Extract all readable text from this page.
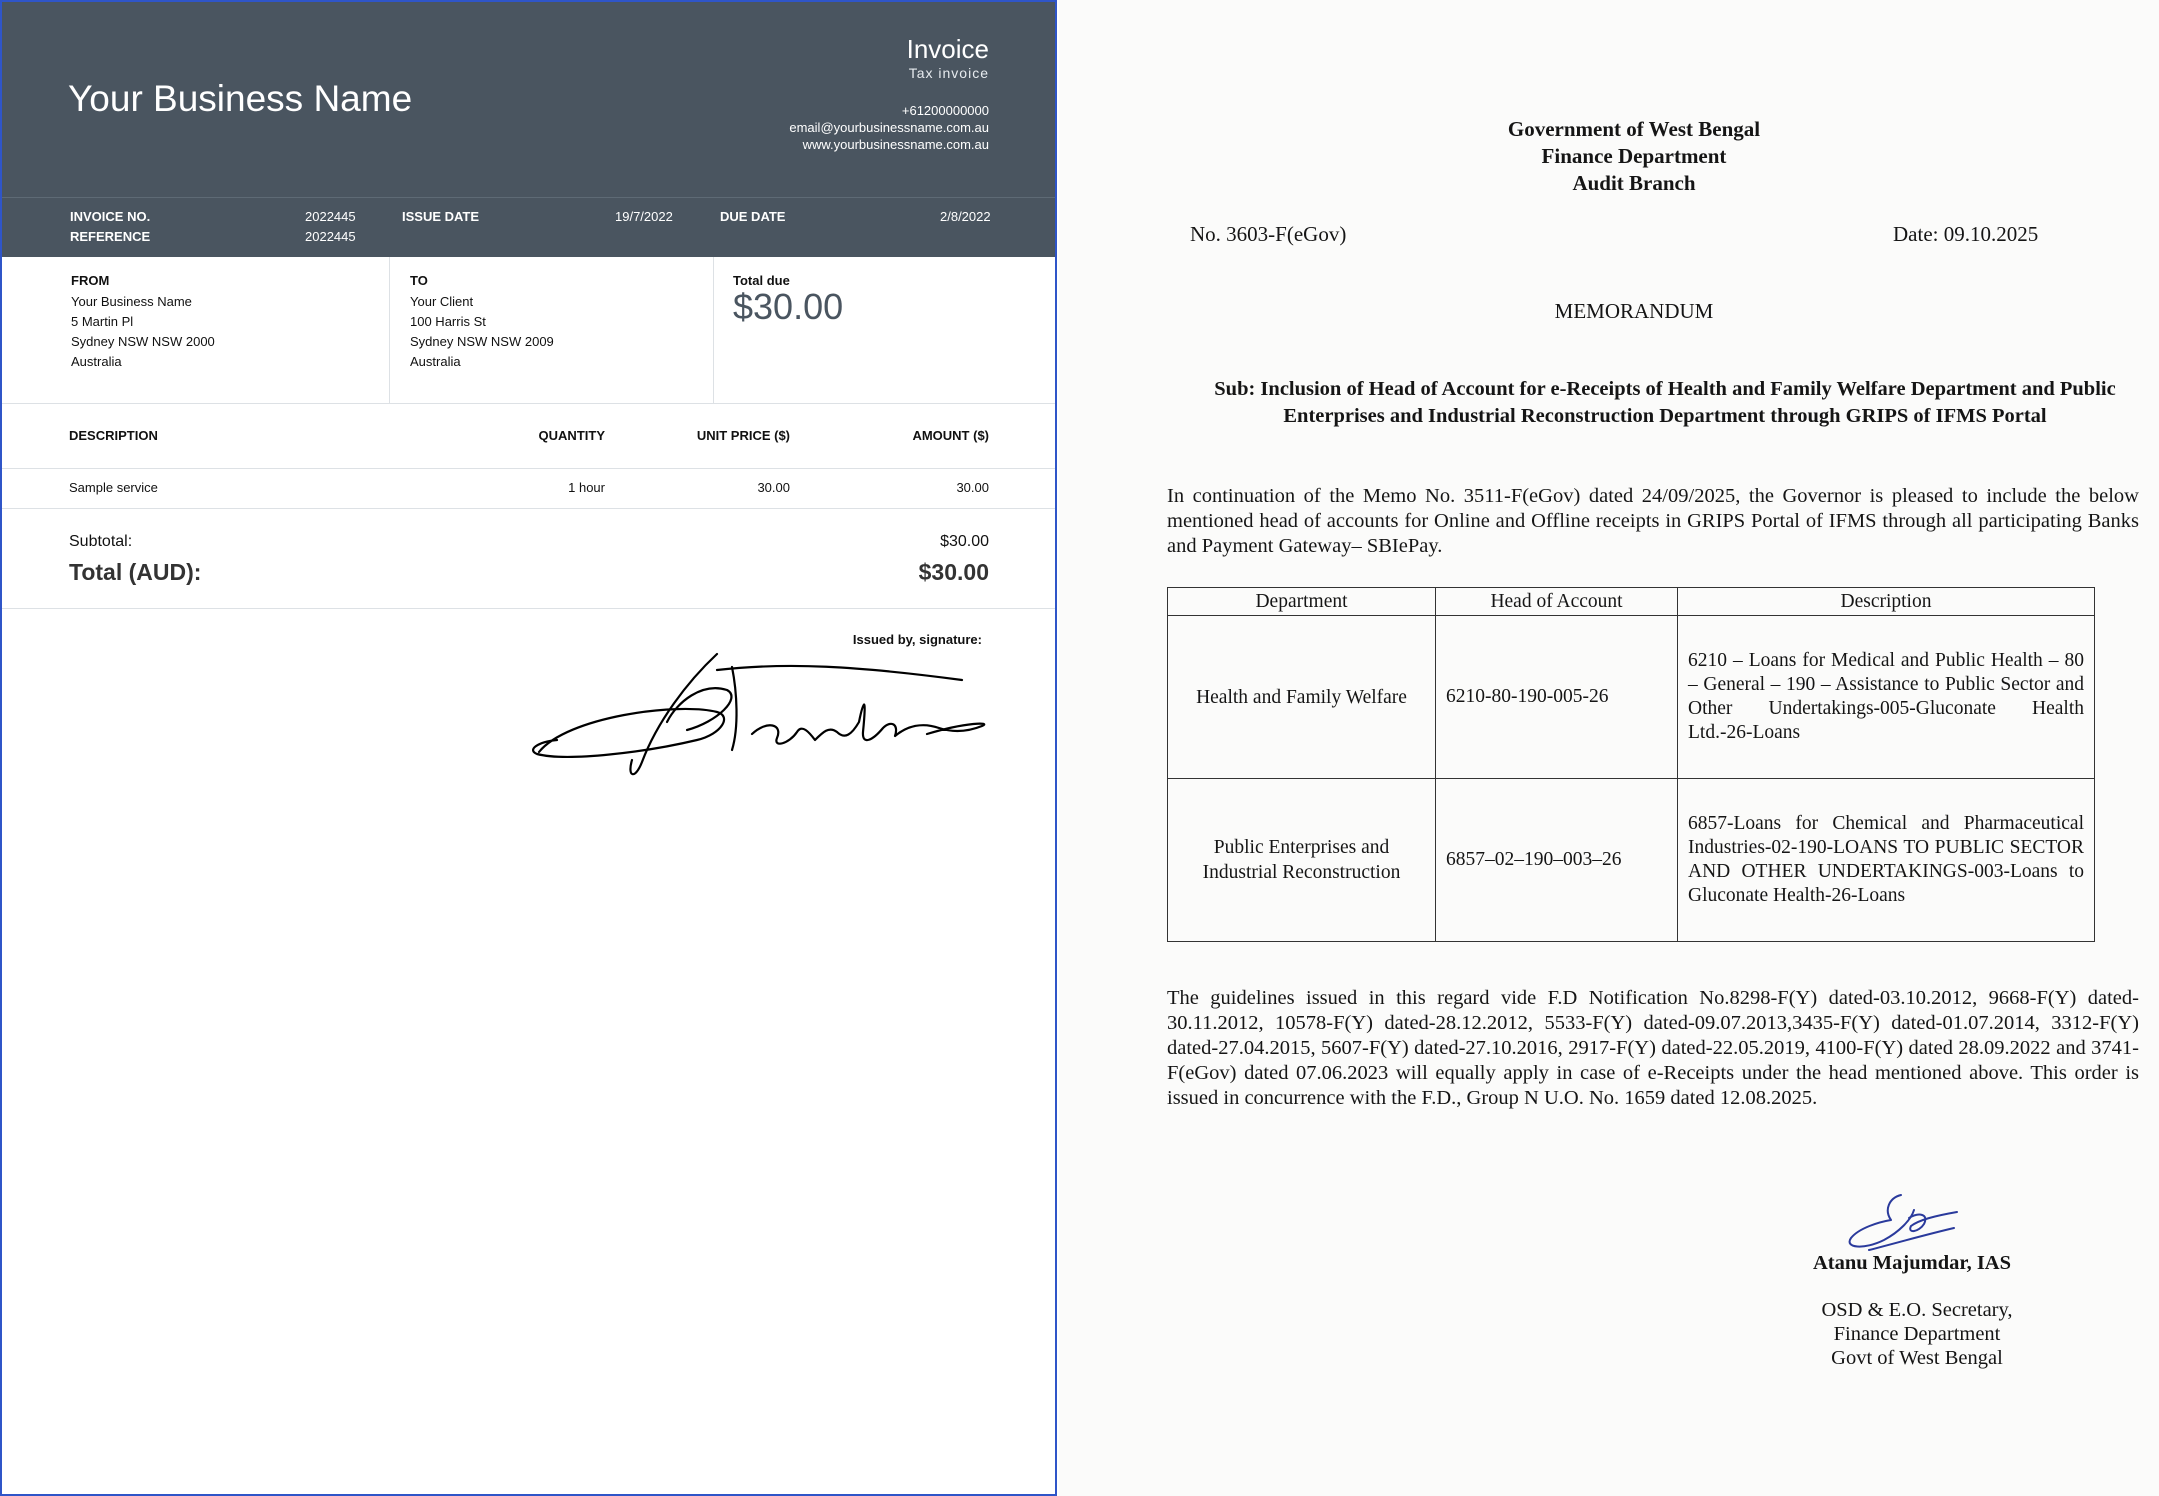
Your Business Name
Invoice
Tax invoice
+61200000000
email@yourbusinessname.com.au
www.yourbusinessname.com.au
INVOICE NO.	2022445
REFERENCE	2022445
ISSUE DATE	19/7/2022	DUE DATE	2/8/2022
FROM
Your Business Name
5 Martin Pl
Sydney NSW NSW 2000
Australia
TO
Your Client
100 Harris St
Sydney NSW NSW 2009
Australia
Total due
$30.00
DESCRIPTION	QUANTITY	UNIT PRICE ($)	AMOUNT ($)
Sample service	1 hour	30.00	30.00
Subtotal:	$30.00
Total (AUD):	$30.00
Issued by, signature:
Government of West Bengal
Finance Department
Audit Branch
No. 3603-F(eGov)	Date: 09.10.2025
MEMORANDUM
Sub: Inclusion of Head of Account for e-Receipts of Health and Family Welfare Department and Public Enterprises and Industrial Reconstruction Department through GRIPS of IFMS Portal
In continuation of the Memo No. 3511-F(eGov) dated 24/09/2025, the Governor is pleased to include the below mentioned head of accounts for Online and Offline receipts in GRIPS Portal of IFMS through all participating Banks and Payment Gateway– SBIePay.
Department	Head of Account	Description
Health and Family Welfare	6210-80-190-005-26	6210 – Loans for Medical and Public Health – 80 – General – 190 – Assistance to Public Sector and Other Undertakings-005-Gluconate Health Ltd.-26-Loans
Public Enterprises and Industrial Reconstruction	6857–02–190–003–26	6857-Loans for Chemical and Pharmaceutical Industries-02-190-LOANS TO PUBLIC SECTOR AND OTHER UNDERTAKINGS-003-Loans to Gluconate Health-26-Loans
The guidelines issued in this regard vide F.D Notification No.8298-F(Y) dated-03.10.2012, 9668-F(Y) dated-30.11.2012, 10578-F(Y) dated-28.12.2012, 5533-F(Y) dated-09.07.2013,3435-F(Y) dated-01.07.2014, 3312-F(Y) dated-27.04.2015, 5607-F(Y) dated-27.10.2016, 2917-F(Y) dated-22.05.2019, 4100-F(Y) dated 28.09.2022 and 3741-F(eGov) dated 07.06.2023 will equally apply in case of e-Receipts under the head mentioned above. This order is issued in concurrence with the F.D., Group N U.O. No. 1659 dated 12.08.2025.
Atanu Majumdar, IAS
OSD & E.O. Secretary,
Finance Department
Govt of West Bengal
